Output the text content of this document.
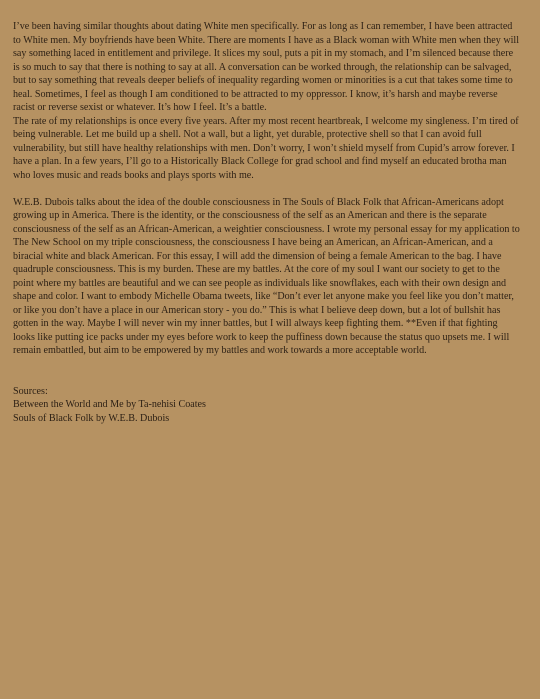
I’ve been having similar thoughts about dating White men specifically. For as long as I can remember, I have been attracted to White men. My boyfriends have been White. There are moments I have as a Black woman with White men when they will say something laced in entitlement and privilege. It slices my soul, puts a pit in my stomach, and I’m silenced because there is so much to say that there is nothing to say at all. A conversation can be worked through, the relationship can be salvaged, but to say something that reveals deeper beliefs of inequality regarding women or minorities is a cut that takes some time to heal. Sometimes, I feel as though I am conditioned to be attracted to my oppressor. I know, it’s harsh and maybe reverse racist or reverse sexist or whatever. It’s how I feel. It’s a battle.

The rate of my relationships is once every five years. After my most recent heartbreak, I welcome my singleness. I’m tired of being vulnerable. Let me build up a shell. Not a wall, but a light, yet durable, protective shell so that I can avoid full vulnerability, but still have healthy relationships with men. Don’t worry, I won’t shield myself from Cupid’s arrow forever. I have a plan. In a few years, I’ll go to a Historically Black College for grad school and find myself an educated brotha man who loves music and reads books and plays sports with me.

W.E.B. Dubois talks about the idea of the double consciousness in The Souls of Black Folk that African-Americans adopt growing up in America. There is the identity, or the consciousness of the self as an American and there is the separate consciousness of the self as an African-American, a weightier consciousness. I wrote my personal essay for my application to The New School on my triple consciousness, the consciousness I have being an American, an African-American, and a biracial white and black American. For this essay, I will add the dimension of being a female American to the bag. I have quadruple consciousness. This is my burden. These are my battles. At the core of my soul I want our society to get to the point where my battles are beautiful and we can see people as individuals like snowflakes, each with their own design and shape and color. I want to embody Michelle Obama tweets, like “Don’t ever let anyone make you feel like you don’t matter, or like you don’t have a place in our American story - you do.” This is what I believe deep down, but a lot of bullshit has gotten in the way. Maybe I will never win my inner battles, but I will always keep fighting them. **Even if that fighting looks like putting ice packs under my eyes before work to keep the puffiness down because the status quo upsets me. I will remain embattled, but aim to be empowered by my battles and work towards a more acceptable world.

Sources:

Between the World and Me by Ta-nehisi Coates

Souls of Black Folk by W.E.B. Dubois
